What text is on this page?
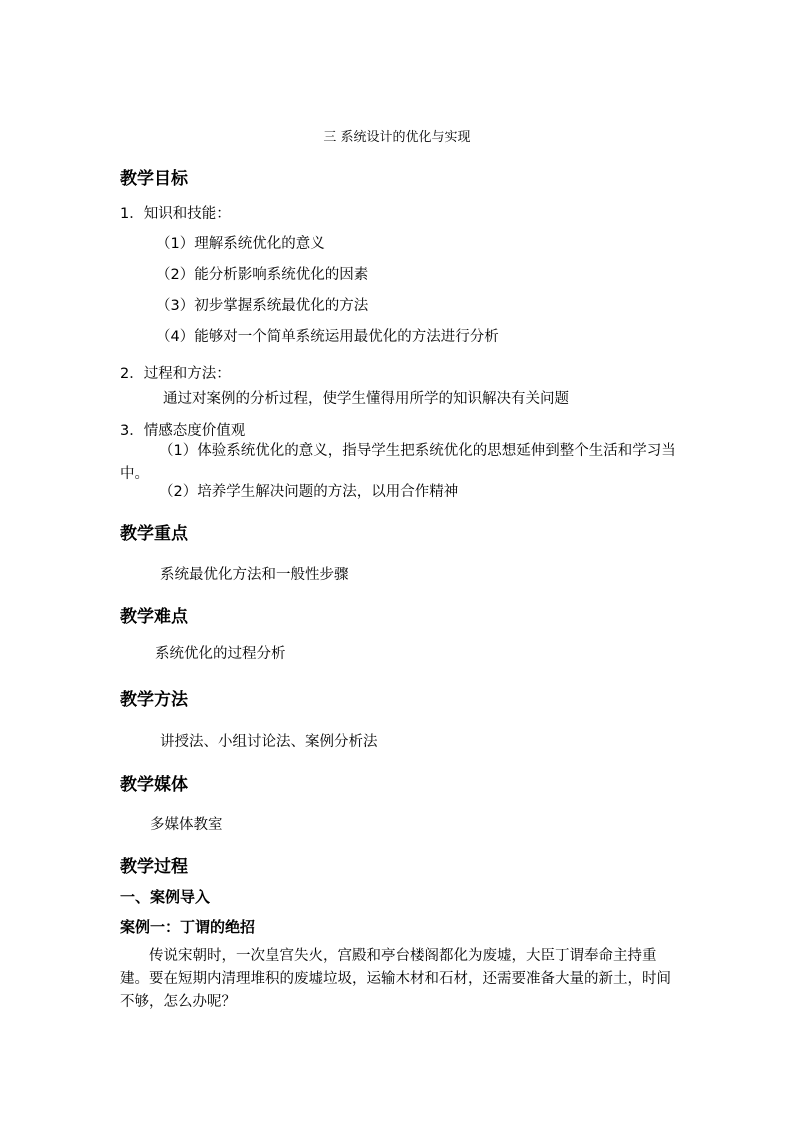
三 系统设计的优化与实现
教学目标
1．知识和技能：
（1）理解系统优化的意义
（2）能分析影响系统优化的因素
（3）初步掌握系统最优化的方法
（4）能够对一个简单系统运用最优化的方法进行分析
2．过程和方法：
通过对案例的分析过程，使学生懂得用所学的知识解决有关问题
3．情感态度价值观
（1）体验系统优化的意义，指导学生把系统优化的思想延伸到整个生活和学习当中。
（2）培养学生解决问题的方法，以用合作精神
教学重点
系统最优化方法和一般性步骤
教学难点
系统优化的过程分析
教学方法
讲授法、小组讨论法、案例分析法
教学媒体
多媒体教室
教学过程
一、案例导入
案例一：丁谓的绝招
传说宋朝时，一次皇宫失火，宫殿和亭台楼阁都化为废墟，大臣丁谓奉命主持重建。要在短期内清理堆积的废墟垃圾，运输木材和石材，还需要准备大量的新土，时间不够，怎么办呢？
